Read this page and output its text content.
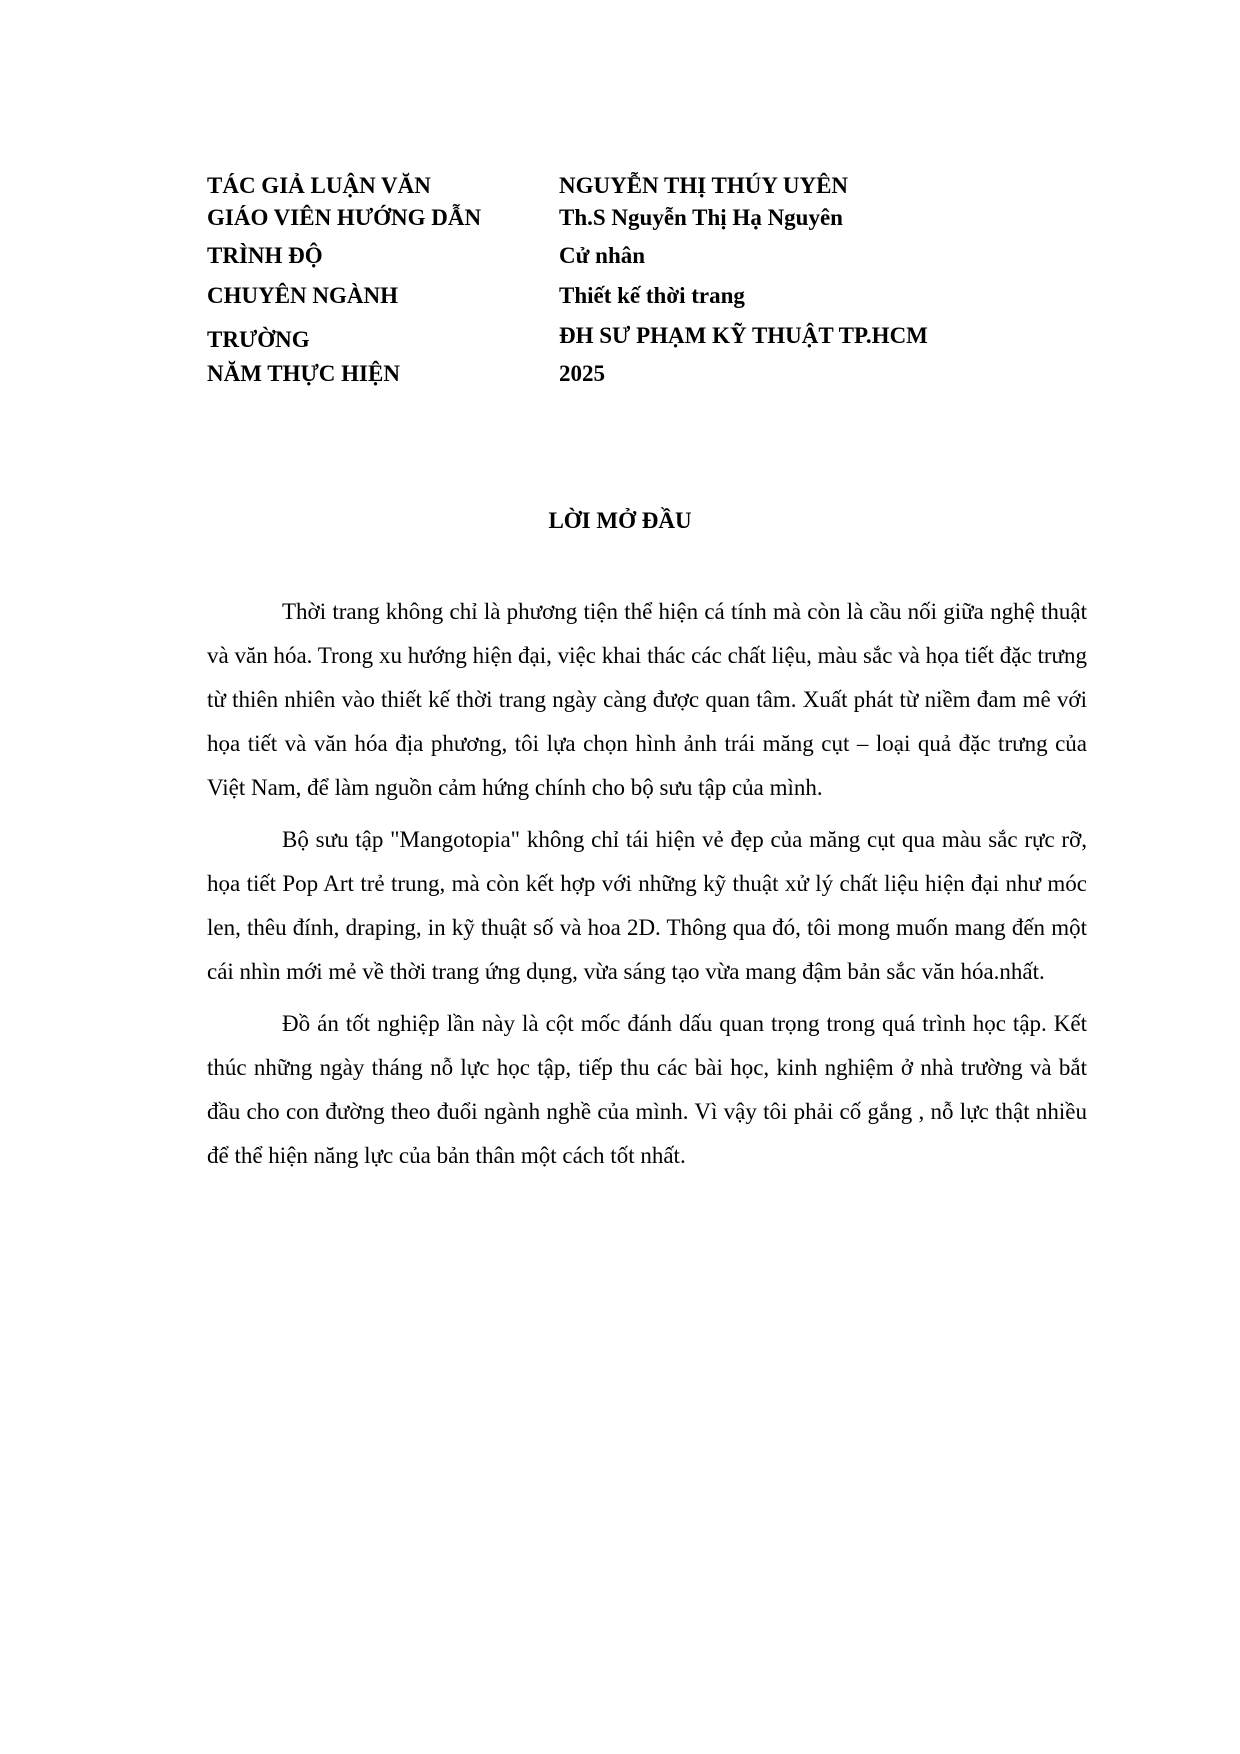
TÁC GIẢ LUẬN VĂN	NGUYỄN THỊ THÚY UYÊN
GIÁO VIÊN HƯỚNG DẪN	Th.S Nguyễn Thị Hạ Nguyên
TRÌNH ĐỘ	Cử nhân
CHUYÊN NGÀNH	Thiết kế thời trang
TRƯỜNG	ĐH SƯ PHẠM KỸ THUẬT TP.HCM
NĂM THỰC HIỆN	2025
LỜI MỞ ĐẦU

Thời trang không chỉ là phương tiện thể hiện cá tính mà còn là cầu nối giữa nghệ thuật và văn hóa. Trong xu hướng hiện đại, việc khai thác các chất liệu, màu sắc và họa tiết đặc trưng từ thiên nhiên vào thiết kế thời trang ngày càng được quan tâm. Xuất phát từ niềm đam mê với họa tiết và văn hóa địa phương, tôi lựa chọn hình ảnh trái măng cụt – loại quả đặc trưng của Việt Nam, để làm nguồn cảm hứng chính cho bộ sưu tập của mình.

Bộ sưu tập "Mangotopia" không chỉ tái hiện vẻ đẹp của măng cụt qua màu sắc rực rỡ, họa tiết Pop Art trẻ trung, mà còn kết hợp với những kỹ thuật xử lý chất liệu hiện đại như móc len, thêu đính, draping, in kỹ thuật số và hoa 2D. Thông qua đó, tôi mong muốn mang đến một cái nhìn mới mẻ về thời trang ứng dụng, vừa sáng tạo vừa mang đậm bản sắc văn hóa.nhất.

Đồ án tốt nghiệp lần này là cột mốc đánh dấu quan trọng trong quá trình học tập. Kết thúc những ngày tháng nỗ lực học tập, tiếp thu các bài học, kinh nghiệm ở nhà trường và bắt đầu cho con đường theo đuổi ngành nghề của mình. Vì vậy tôi phải cố gắng , nỗ lực thật nhiều để thể hiện năng lực của bản thân một cách tốt nhất.
